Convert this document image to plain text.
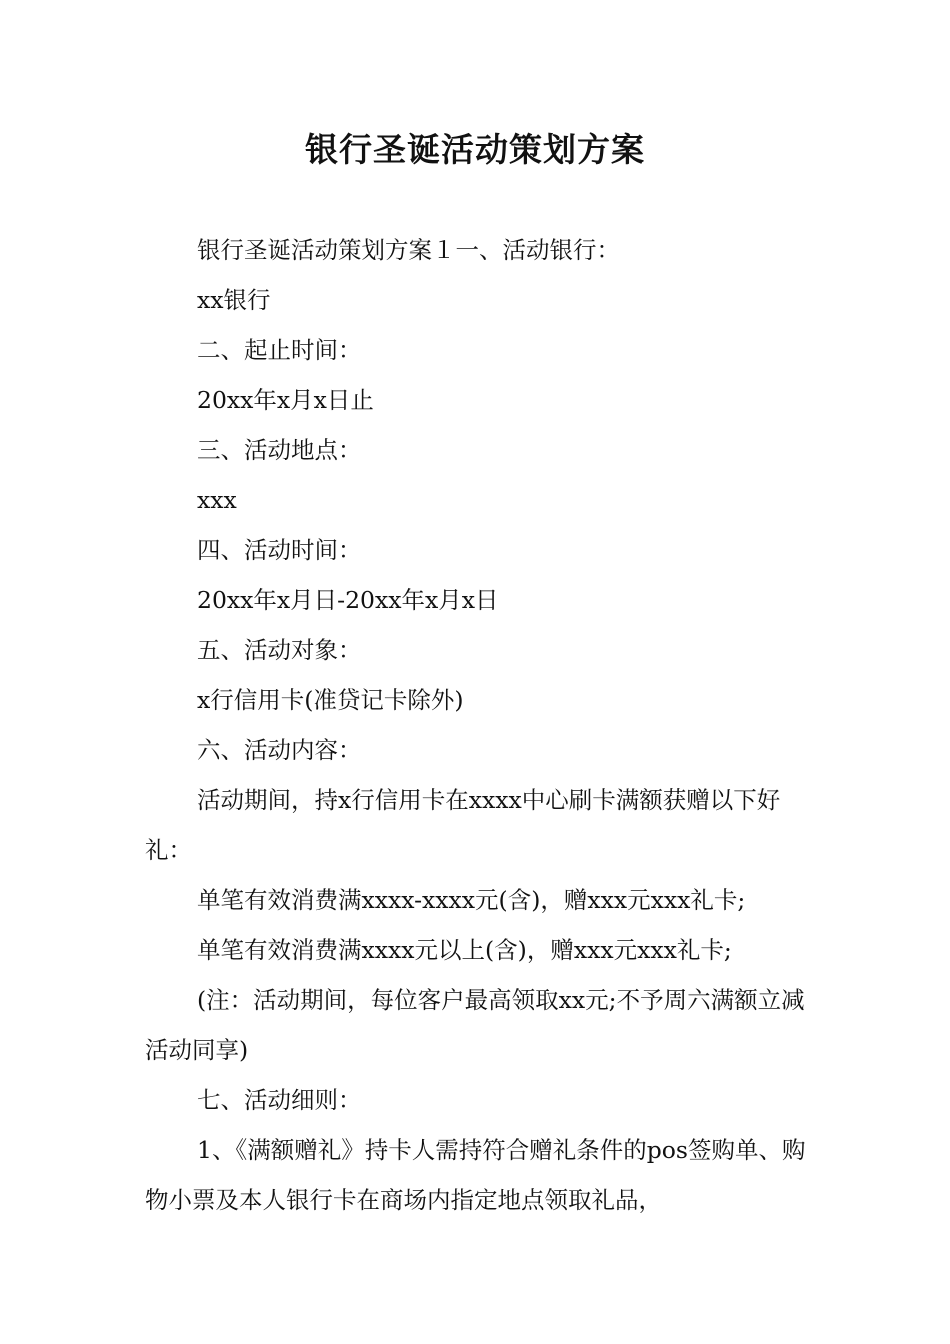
银行圣诞活动策划方案

银行圣诞活动策划方案１一、活动银行：

xx银行

二、起止时间：

20xx年x月x日止

三、活动地点：

xxx

四、活动时间：

20xx年x月日-20xx年x月x日

五、活动对象：

x行信用卡(准贷记卡除外)

六、活动内容：

活动期间，持x行信用卡在xxxx中心刷卡满额获赠以下好礼：

单笔有效消费满xxxx-xxxx元(含)，赠xxx元xxx礼卡;

单笔有效消费满xxxx元以上(含)，赠xxx元xxx礼卡;

(注：活动期间，每位客户最高领取xx元;不予周六满额立减活动同享)

七、活动细则：

1、《满额赠礼》持卡人需持符合赠礼条件的pos签购单、购物小票及本人银行卡在商场内指定地点领取礼品，
